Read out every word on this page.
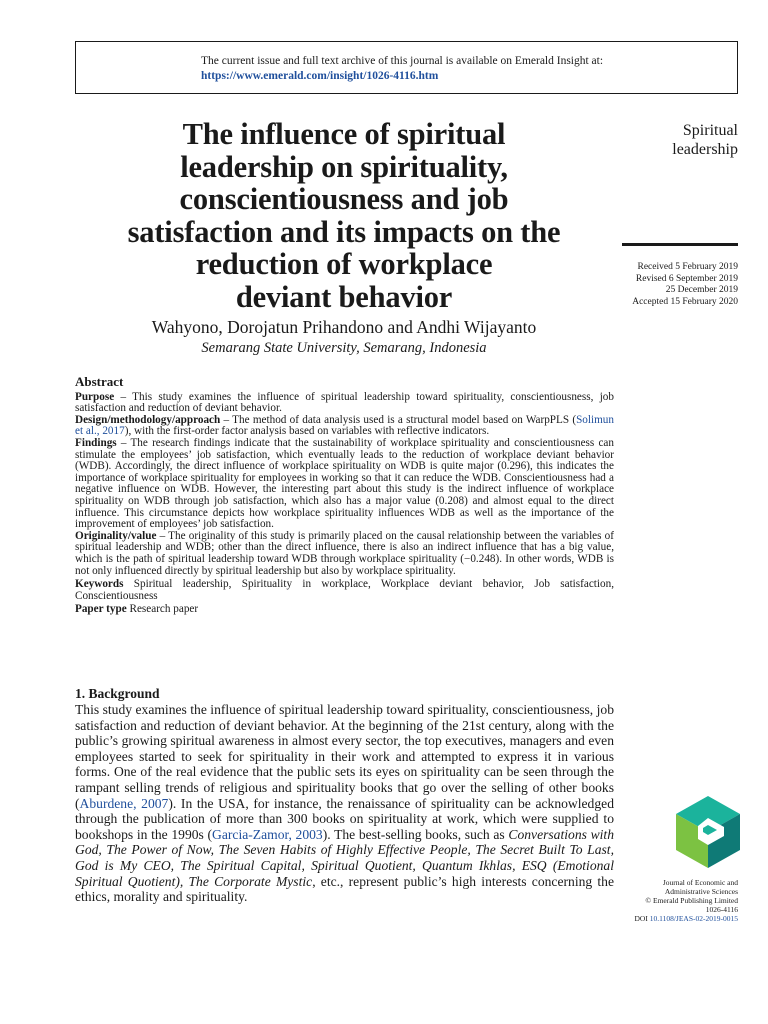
The current issue and full text archive of this journal is available on Emerald Insight at:
https://www.emerald.com/insight/1026-4116.htm
The influence of spiritual
leadership on spirituality,
conscientiousness and job
satisfaction and its impacts on the
reduction of workplace
deviant behavior
Wahyono, Dorojatun Prihandono and Andhi Wijayanto
Semarang State University, Semarang, Indonesia
Spiritual
leadership
Received 5 February 2019
Revised 6 September 2019
25 December 2019
Accepted 15 February 2020
Abstract

Purpose – This study examines the influence of spiritual leadership toward spirituality, conscientiousness, job satisfaction and reduction of deviant behavior.

Design/methodology/approach – The method of data analysis used is a structural model based on WarpPLS (Solimun et al., 2017), with the first-order factor analysis based on variables with reflective indicators.

Findings – The research findings indicate that the sustainability of workplace spirituality and conscientiousness can stimulate the employees’ job satisfaction, which eventually leads to the reduction of workplace deviant behavior (WDB). Accordingly, the direct influence of workplace spirituality on WDB is quite major (0.296), this indicates the importance of workplace spirituality for employees in working so that it can reduce the WDB. Conscientiousness had a negative influence on WDB. However, the interesting part about this study is the indirect influence of workplace spirituality on WDB through job satisfaction, which also has a major value (0.208) and almost equal to the direct influence. This circumstance depicts how workplace spirituality influences WDB as well as the importance of the improvement of employees’ job satisfaction.

Originality/value – The originality of this study is primarily placed on the causal relationship between the variables of spiritual leadership and WDB; other than the direct influence, there is also an indirect influence that has a big value, which is the path of spiritual leadership toward WDB through workplace spirituality (−0.248). In other words, WDB is not only influenced directly by spiritual leadership but also by workplace spirituality.

Keywords Spiritual leadership, Spirituality in workplace, Workplace deviant behavior, Job satisfaction, Conscientiousness

Paper type Research paper

1. Background

This study examines the influence of spiritual leadership toward spirituality, conscientiousness, job satisfaction and reduction of deviant behavior. At the beginning of the 21st century, along with the public’s growing spiritual awareness in almost every sector, the top executives, managers and even employees started to seek for spirituality in their work and attempted to express it in various forms. One of the real evidence that the public sets its eyes on spirituality can be seen through the rampant selling trends of religious and spirituality books that go over the selling of other books (Aburdene, 2007). In the USA, for instance, the renaissance of spirituality can be acknowledged through the publication of more than 300 books on spirituality at work, which were supplied to bookshops in the 1990s (Garcia-Zamor, 2003). The best-selling books, such as Conversations with God, The Power of Now, The Seven Habits of Highly Effective People, The Secret Built To Last, God is My CEO, The Spiritual Capital, Spiritual Quotient, Quantum Ikhlas, ESQ (Emotional Spiritual Quotient), The Corporate Mystic, etc., represent public’s high interests concerning the ethics, morality and spirituality.

Journal of Economic and
Administrative Sciences
© Emerald Publishing Limited
1026-4116
DOI 10.1108/JEAS-02-2019-0015
